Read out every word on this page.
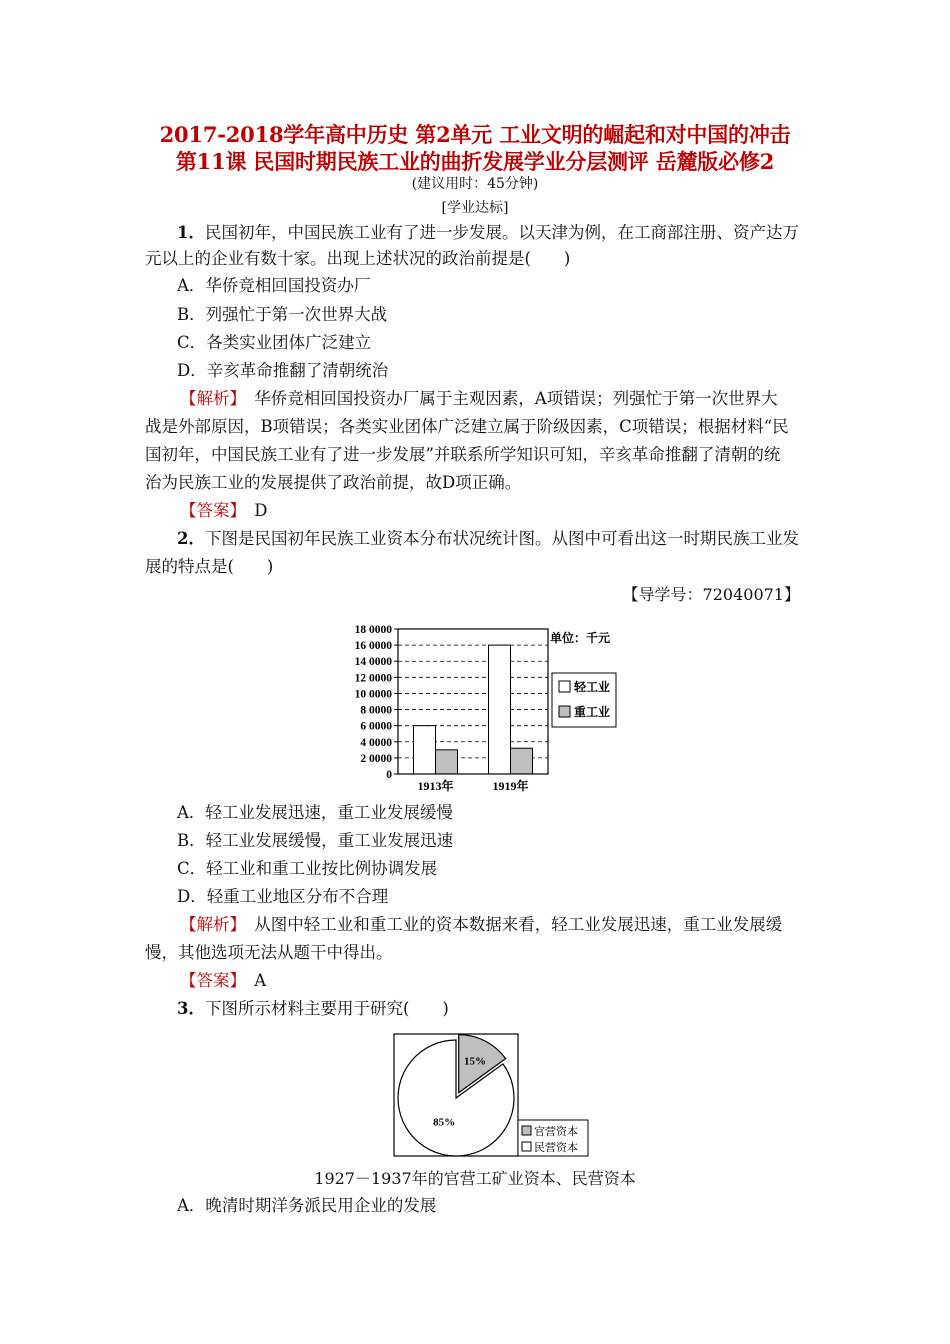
2017-2018学年高中历史 第2单元 工业文明的崛起和对中国的冲击
第11课 民国时期民族工业的曲折发展学业分层测评 岳麓版必修2
(建议用时：45分钟)
[学业达标]
1．民国初年，中国民族工业有了进一步发展。以天津为例，在工商部注册、资产达万
元以上的企业有数十家。出现上述状况的政治前提是(　　)
A．华侨竞相回国投资办厂
B．列强忙于第一次世界大战
C．各类实业团体广泛建立
D．辛亥革命推翻了清朝统治
【解析】　华侨竞相回国投资办厂属于主观因素，A项错误；列强忙于第一次世界大
战是外部原因，B项错误；各类实业团体广泛建立属于阶级因素，C项错误；根据材料“民
国初年，中国民族工业有了进一步发展”并联系所学知识可知，辛亥革命推翻了清朝的统
治为民族工业的发展提供了政治前提，故D项正确。
【答案】　D
2．下图是民国初年民族工业资本分布状况统计图。从图中可看出这一时期民族工业发
展的特点是(　　)
【导学号：72040071】
0
2 0000
4 0000
6 0000
8 0000
10 0000
12 0000
14 0000
16 0000
18 0000
1913年	1919年
单位：千元
轻工业
重工业
A．轻工业发展迅速，重工业发展缓慢
B．轻工业发展缓慢，重工业发展迅速
C．轻工业和重工业按比例协调发展
D．轻重工业地区分布不合理
【解析】　从图中轻工业和重工业的资本数据来看，轻工业发展迅速，重工业发展缓
慢，其他选项无法从题干中得出。
【答案】　A
3．下图所示材料主要用于研究(　　)
15%
85%
官营资本
民营资本
1927－1937年的官营工矿业资本、民营资本
A．晚清时期洋务派民用企业的发展
